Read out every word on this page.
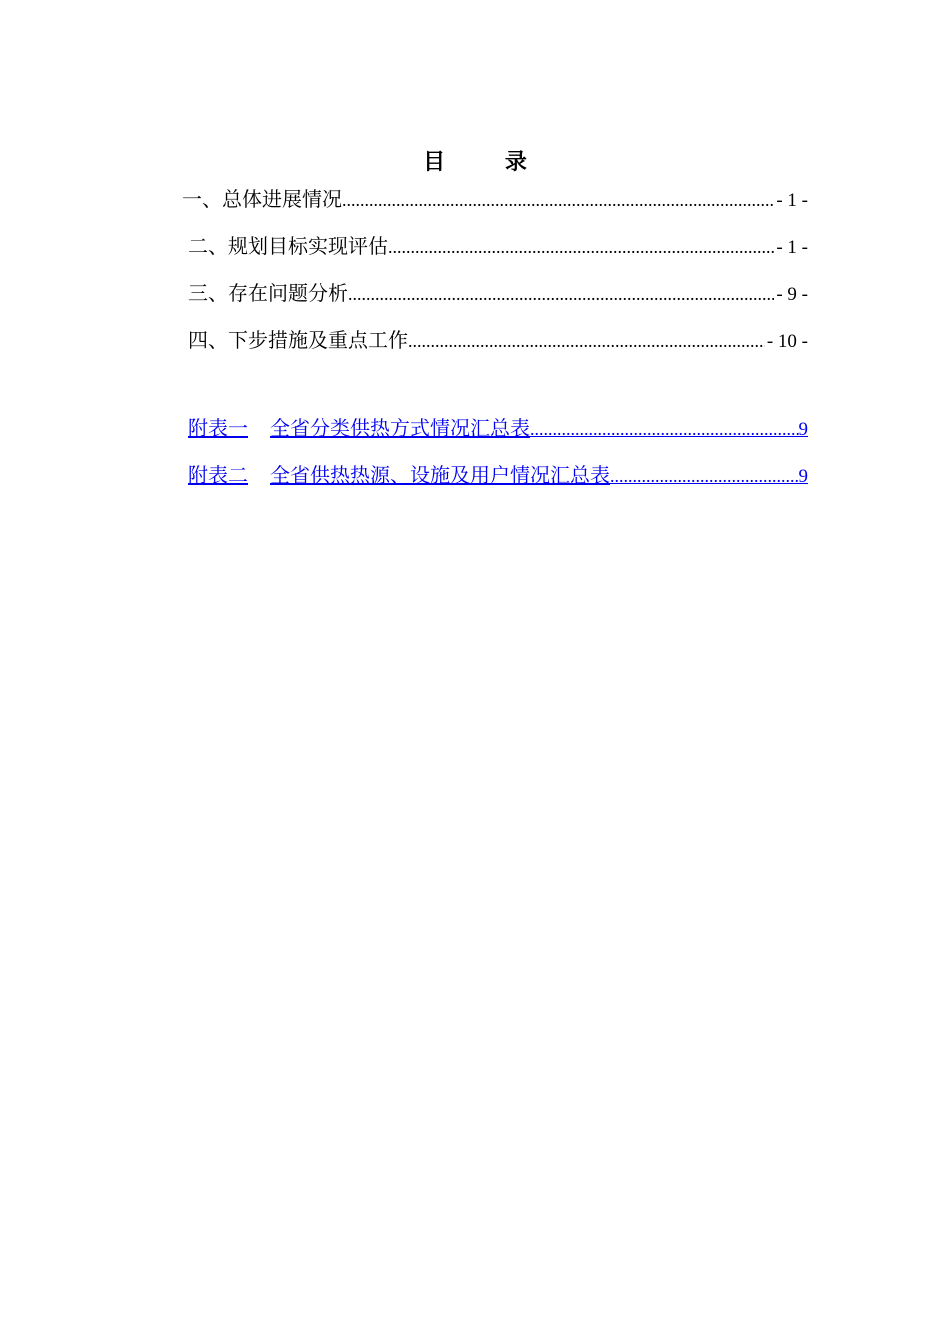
目 录
一、总体进展情况 .....	- 1 -
二、规划目标实现评估 .....	- 1 -
三、存在问题分析 .....	- 9 -
四、下步措施及重点工作 .....	- 10 -
附表一 全省分类供热方式情况汇总表 .....	9
附表二 全省供热热源、设施及用户情况汇总表 .....	9
